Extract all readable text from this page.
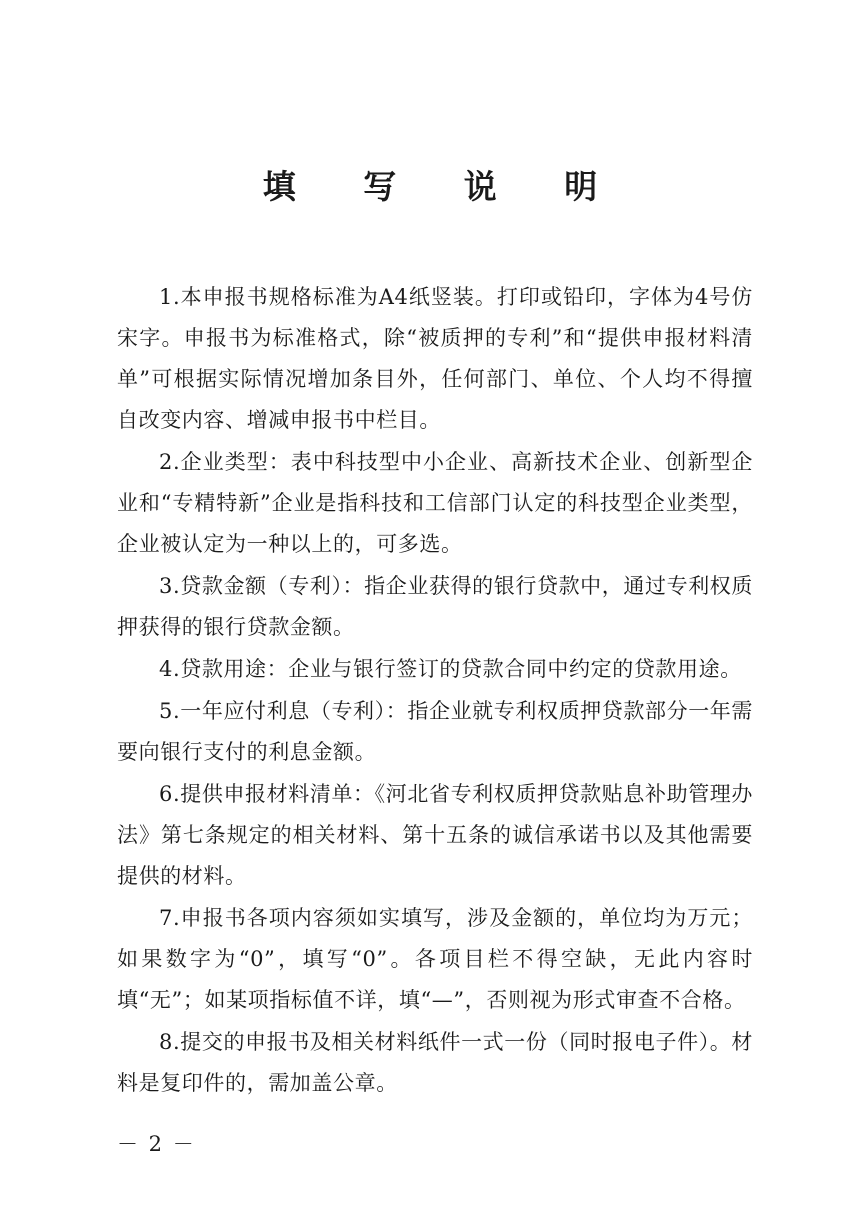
填 写 说 明

1.本申报书规格标准为A4纸竖装。打印或铅印，字体为4号仿宋字。申报书为标准格式，除“被质押的专利”和“提供申报材料清单”可根据实际情况增加条目外，任何部门、单位、个人均不得擅自改变内容、增减申报书中栏目。

2.企业类型：表中科技型中小企业、高新技术企业、创新型企业和“专精特新”企业是指科技和工信部门认定的科技型企业类型，企业被认定为一种以上的，可多选。

3.贷款金额（专利）：指企业获得的银行贷款中，通过专利权质押获得的银行贷款金额。

4.贷款用途：企业与银行签订的贷款合同中约定的贷款用途。

5.一年应付利息（专利）：指企业就专利权质押贷款部分一年需要向银行支付的利息金额。

6.提供申报材料清单：《河北省专利权质押贷款贴息补助管理办法》第七条规定的相关材料、第十五条的诚信承诺书以及其他需要提供的材料。

7.申报书各项内容须如实填写，涉及金额的，单位均为万元；如果数字为“0”，填写“0”。各项目栏不得空缺，无此内容时填“无”；如某项指标值不详，填“—”，否则视为形式审查不合格。

8.提交的申报书及相关材料纸件一式一份（同时报电子件）。材料是复印件的，需加盖公章。

－ 2 －
